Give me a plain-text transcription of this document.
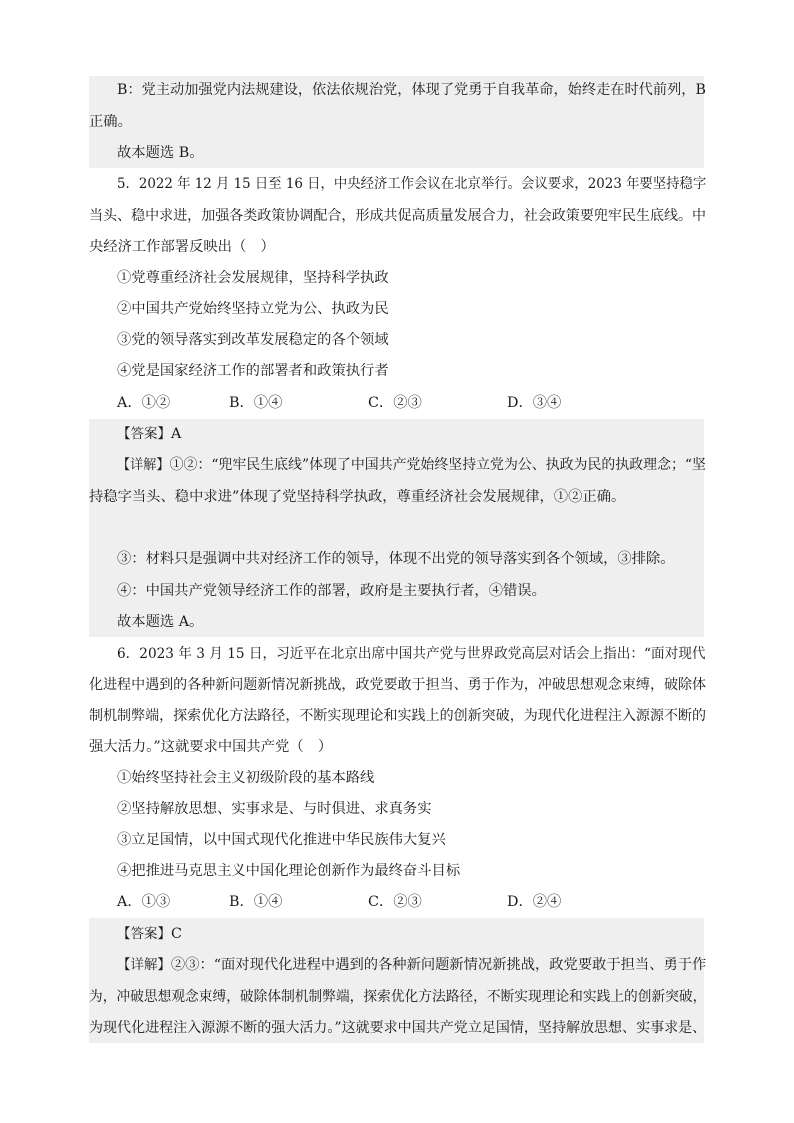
B：党主动加强党内法规建设，依法依规治党，体现了党勇于自我革命，始终走在时代前列，B
正确。
故本题选 B。
5．2022 年 12 月 15 日至 16 日，中央经济工作会议在北京举行。会议要求，2023 年要坚持稳字
当头、稳中求进，加强各类政策协调配合，形成共促高质量发展合力，社会政策要兜牢民生底线。中
央经济工作部署反映出（　）
①党尊重经济社会发展规律，坚持科学执政
②中国共产党始终坚持立党为公、执政为民
③党的领导落实到改革发展稳定的各个领域
④党是国家经济工作的部署者和政策执行者
A．①②	B．①④	C．②③	D．③④
【答案】A
【详解】①②：“兜牢民生底线”体现了中国共产党始终坚持立党为公、执政为民的执政理念；“坚
持稳字当头、稳中求进”体现了党坚持科学执政，尊重经济社会发展规律，①②正确。
③：材料只是强调中共对经济工作的领导，体现不出党的领导落实到各个领域，③排除。
④：中国共产党领导经济工作的部署，政府是主要执行者，④错误。
故本题选 A。
6．2023 年 3 月 15 日，习近平在北京出席中国共产党与世界政党高层对话会上指出：“面对现代
化进程中遇到的各种新问题新情况新挑战，政党要敢于担当、勇于作为，冲破思想观念束缚，破除体
制机制弊端，探索优化方法路径，不断实现理论和实践上的创新突破，为现代化进程注入源源不断的
强大活力。”这就要求中国共产党（　）
①始终坚持社会主义初级阶段的基本路线
②坚持解放思想、实事求是、与时俱进、求真务实
③立足国情，以中国式现代化推进中华民族伟大复兴
④把推进马克思主义中国化理论创新作为最终奋斗目标
A．①③	B．①④	C．②③	D．②④
【答案】C
【详解】②③：“面对现代化进程中遇到的各种新问题新情况新挑战，政党要敢于担当、勇于作
为，冲破思想观念束缚，破除体制机制弊端，探索优化方法路径，不断实现理论和实践上的创新突破，
为现代化进程注入源源不断的强大活力。”这就要求中国共产党立足国情，坚持解放思想、实事求是、
